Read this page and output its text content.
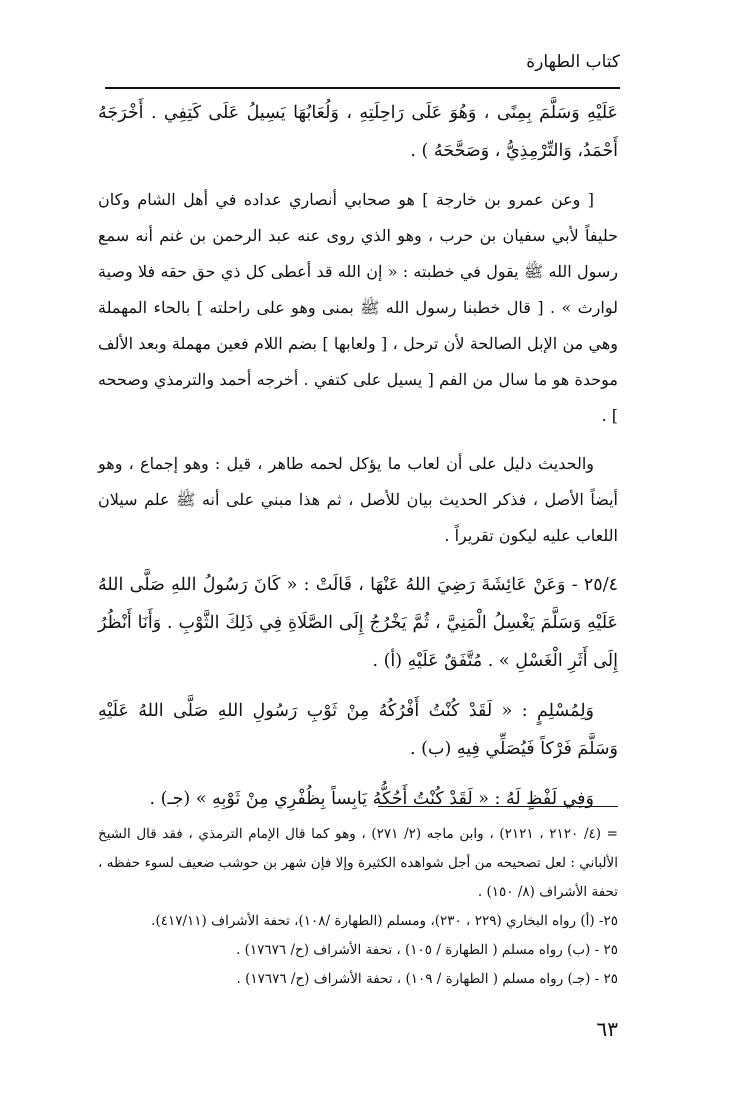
كتاب الطهارة

عَلَيْهِ وَسَلَّمَ بِمِنًى ، وَهُوَ عَلَى رَاحِلَتِهِ ، وَلُعَابُهَا يَسِيلُ عَلَى كَتِفِي . أَخْرَجَهُ أَحْمَدُ، وَالتِّرْمِذِيُّ ، وَصَحَّحَهُ ) .

[ وعن عمرو بن خارجة ] هو صحابي أنصاري عداده في أهل الشام وكان حليفاً لأبي سفيان بن حرب ، وهو الذي روى عنه عبد الرحمن بن غنم أنه سمع رسول الله ﷺ يقول في خطبته : « إن الله قد أعطى كل ذي حق حقه فلا وصية لوارث » . [ قال خطبنا رسول الله ﷺ بمنى وهو على راحلته ] بالحاء المهملة وهي من الإبل الصالحة لأن ترحل ، [ ولعابها ] بضم اللام فعين مهملة وبعد الألف موحدة هو ما سال من الفم [ يسيل على كتفي . أخرجه أحمد والترمذي وصححه ] .

والحديث دليل على أن لعاب ما يؤكل لحمه طاهر ، قيل : وهو إجماع ، وهو أيضاً الأصل ، فذكر الحديث بيان للأصل ، ثم هذا مبني على أنه ﷺ علم سيلان اللعاب عليه ليكون تقريراً .

٢٥/٤ - وَعَنْ عَائِشَةَ رَضِيَ اللهُ عَنْهَا ، قَالَتْ : « كَانَ رَسُولُ اللهِ صَلَّى اللهُ عَلَيْهِ وَسَلَّمَ يَغْسِلُ الْمَنِيَّ ، ثُمَّ يَخْرُجُ إِلَى الصَّلَاةِ فِي ذَلِكَ الثَّوْبِ . وَأَنَا أَنْظُرُ إِلَى أَثَرِ الْغَسْلِ » . مُتَّفَقٌ عَلَيْهِ (أ) .

وَلِمُسْلِمٍ : « لَقَدْ كُنْتُ أَفْرُكُهُ مِنْ ثَوْبِ رَسُولِ اللهِ صَلَّى اللهُ عَلَيْهِ وَسَلَّمَ فَرْكاً فَيُصَلِّي فِيهِ (ب) .

وَفِي لَفْظٍ لَهُ : « لَقَدْ كُنْتُ أَحُكُّهُ يَابِساً بِظُفْرِي مِنْ ثَوْبِهِ » (جـ) .

= (٤/ ٢١٢٠ ، ٢١٢١) ، وابن ماجه (٢/ ٢٧١) ، وهو كما قال الإمام الترمذي ، فقد قال الشيخ الألباني : لعل تصحيحه من أجل شواهده الكثيرة وإلا فإن شهر بن حوشب ضعيف لسوء حفظه ، تحفة الأشراف (٨/ ١٥٠) .

٢٥- (أ) رواه البخاري (٢٢٩ ، ٢٣٠)، ومسلم (الطهارة /١٠٨)، تحفة الأشراف (٤١٧/١١).

٢٥ - (ب) رواه مسلم ( الطهارة / ١٠٥) ، تحفة الأشراف (ح/ ١٧٦٧٦) .

٢٥ - (جـ) رواه مسلم ( الطهارة / ١٠٩) ، تحفة الأشراف (ح/ ١٧٦٧٦) .

٦٣
